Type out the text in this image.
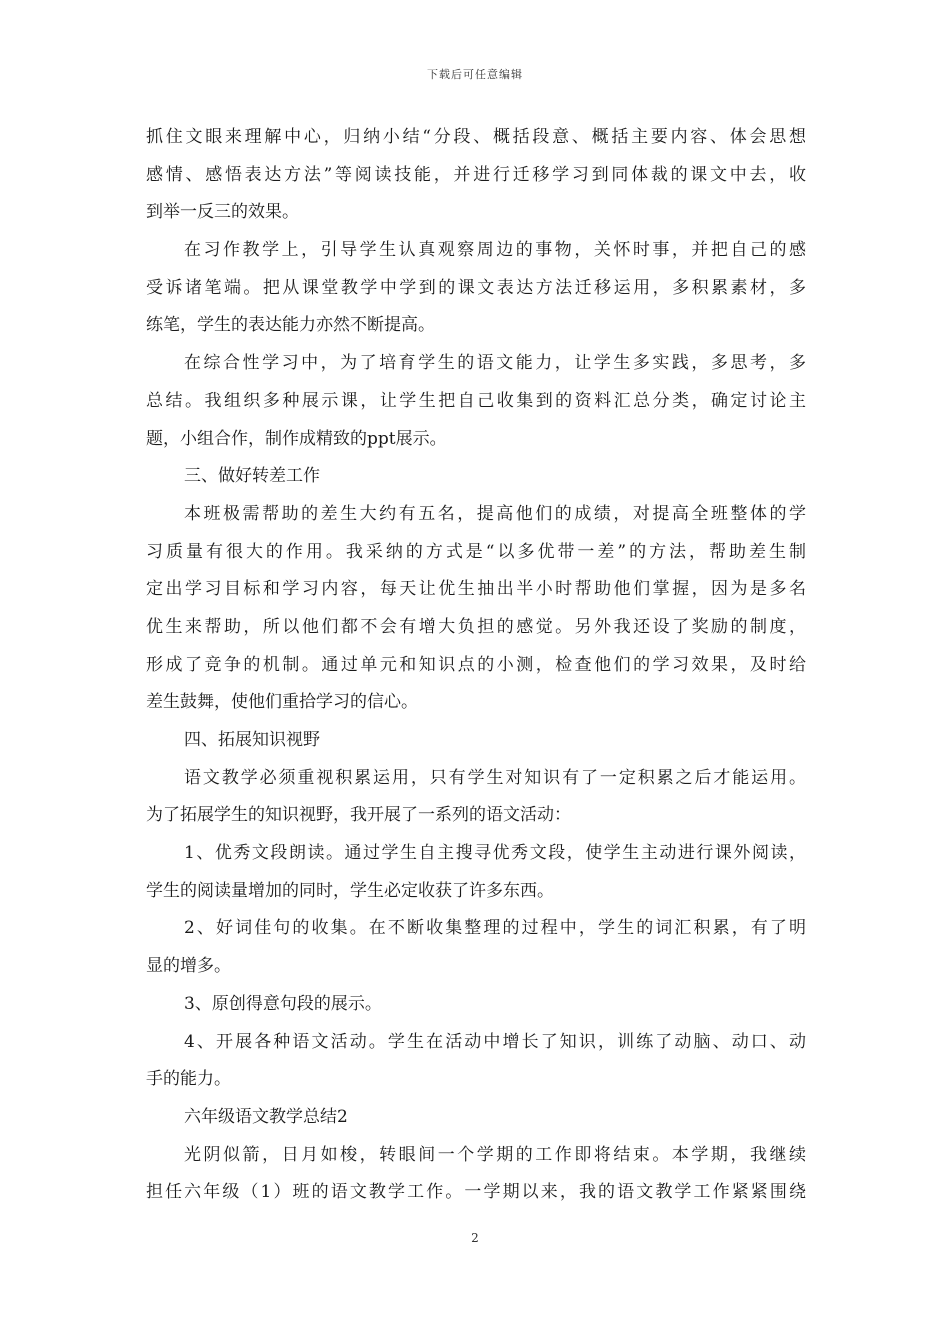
下载后可任意编辑
抓住文眼来理解中心，归纳小结“分段、概括段意、概括主要内容、体会思想
感情、感悟表达方法”等阅读技能，并进行迁移学习到同体裁的课文中去，收
到举一反三的效果。
在习作教学上，引导学生认真观察周边的事物，关怀时事，并把自己的感
受诉诸笔端。把从课堂教学中学到的课文表达方法迁移运用，多积累素材，多
练笔，学生的表达能力亦然不断提高。
在综合性学习中，为了培育学生的语文能力，让学生多实践，多思考，多
总结。我组织多种展示课，让学生把自己收集到的资料汇总分类，确定讨论主
题，小组合作，制作成精致的ppt展示。
三、做好转差工作
本班极需帮助的差生大约有五名，提高他们的成绩，对提高全班整体的学
习质量有很大的作用。我采纳的方式是“以多优带一差”的方法，帮助差生制
定出学习目标和学习内容，每天让优生抽出半小时帮助他们掌握，因为是多名
优生来帮助，所以他们都不会有增大负担的感觉。另外我还设了奖励的制度，
形成了竞争的机制。通过单元和知识点的小测，检查他们的学习效果，及时给
差生鼓舞，使他们重拾学习的信心。
四、拓展知识视野
语文教学必须重视积累运用，只有学生对知识有了一定积累之后才能运用。
为了拓展学生的知识视野，我开展了一系列的语文活动：
1、优秀文段朗读。通过学生自主搜寻优秀文段，使学生主动进行课外阅读，
学生的阅读量增加的同时，学生必定收获了许多东西。
2、好词佳句的收集。在不断收集整理的过程中，学生的词汇积累，有了明
显的增多。
3、原创得意句段的展示。
4、开展各种语文活动。学生在活动中增长了知识，训练了动脑、动口、动
手的能力。
六年级语文教学总结2
光阴似箭，日月如梭，转眼间一个学期的工作即将结束。本学期，我继续
担任六年级（1）班的语文教学工作。一学期以来，我的语文教学工作紧紧围绕
2
